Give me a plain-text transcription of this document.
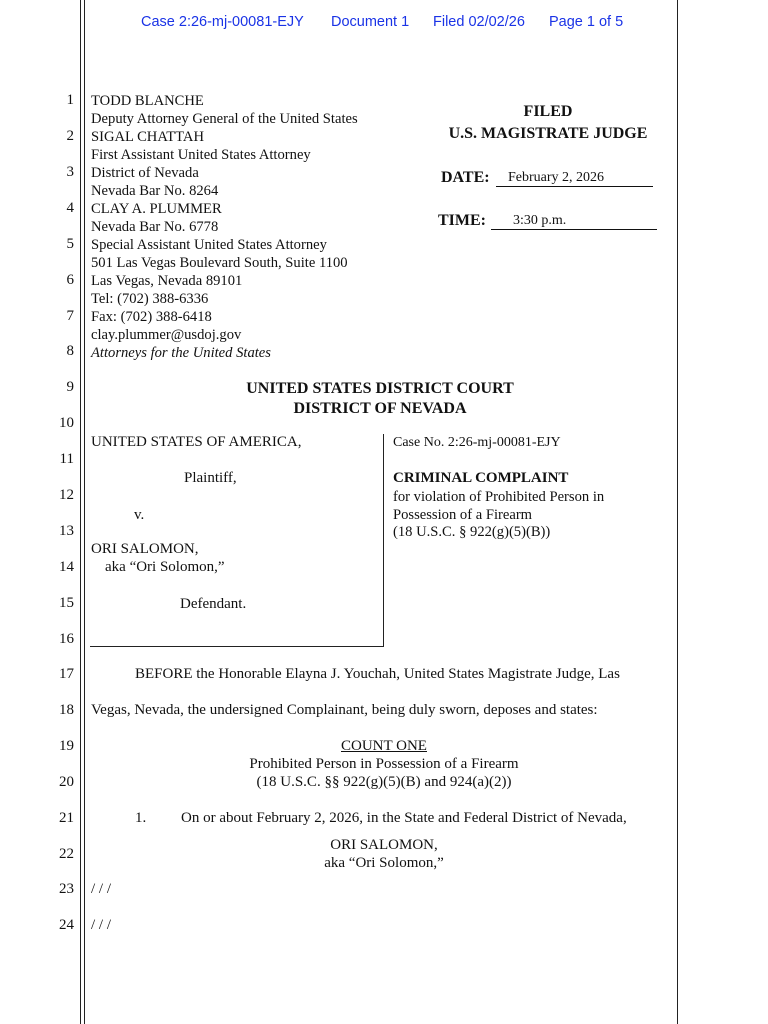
Case 2:26-mj-00081-EJY Document 1 Filed 02/02/26 Page 1 of 5
1
2
3
4
5
6
7
8
9
10
11
12
13
14
15
16
17
18
19
20
21
22
23
24
TODD BLANCHE
Deputy Attorney General of the United States
SIGAL CHATTAH
First Assistant United States Attorney
District of Nevada
Nevada Bar No. 8264
CLAY A. PLUMMER
Nevada Bar No. 6778
Special Assistant United States Attorney
501 Las Vegas Boulevard South, Suite 1100
Las Vegas, Nevada 89101
Tel: (702) 388-6336
Fax: (702) 388-6418
clay.plummer@usdoj.gov
Attorneys for the United States
FILED
U.S. MAGISTRATE JUDGE
DATE:	February 2, 2026
TIME:	3:30 p.m.
UNITED STATES DISTRICT COURT
DISTRICT OF NEVADA
UNITED STATES OF AMERICA,
Plaintiff,
v.
ORI SALOMON,
aka “Ori Solomon,”
Defendant.
Case No. 2:26-mj-00081-EJY
CRIMINAL COMPLAINT
for violation of Prohibited Person in
Possession of a Firearm
(18 U.S.C. § 922(g)(5)(B))
BEFORE the Honorable Elayna J. Youchah, United States Magistrate Judge, Las
Vegas, Nevada, the undersigned Complainant, being duly sworn, deposes and states:
COUNT ONE
Prohibited Person in Possession of a Firearm
(18 U.S.C. §§ 922(g)(5)(B) and 924(a)(2))
1. On or about February 2, 2026, in the State and Federal District of Nevada,
ORI SALOMON,
aka “Ori Solomon,”
/ / /
/ / /
